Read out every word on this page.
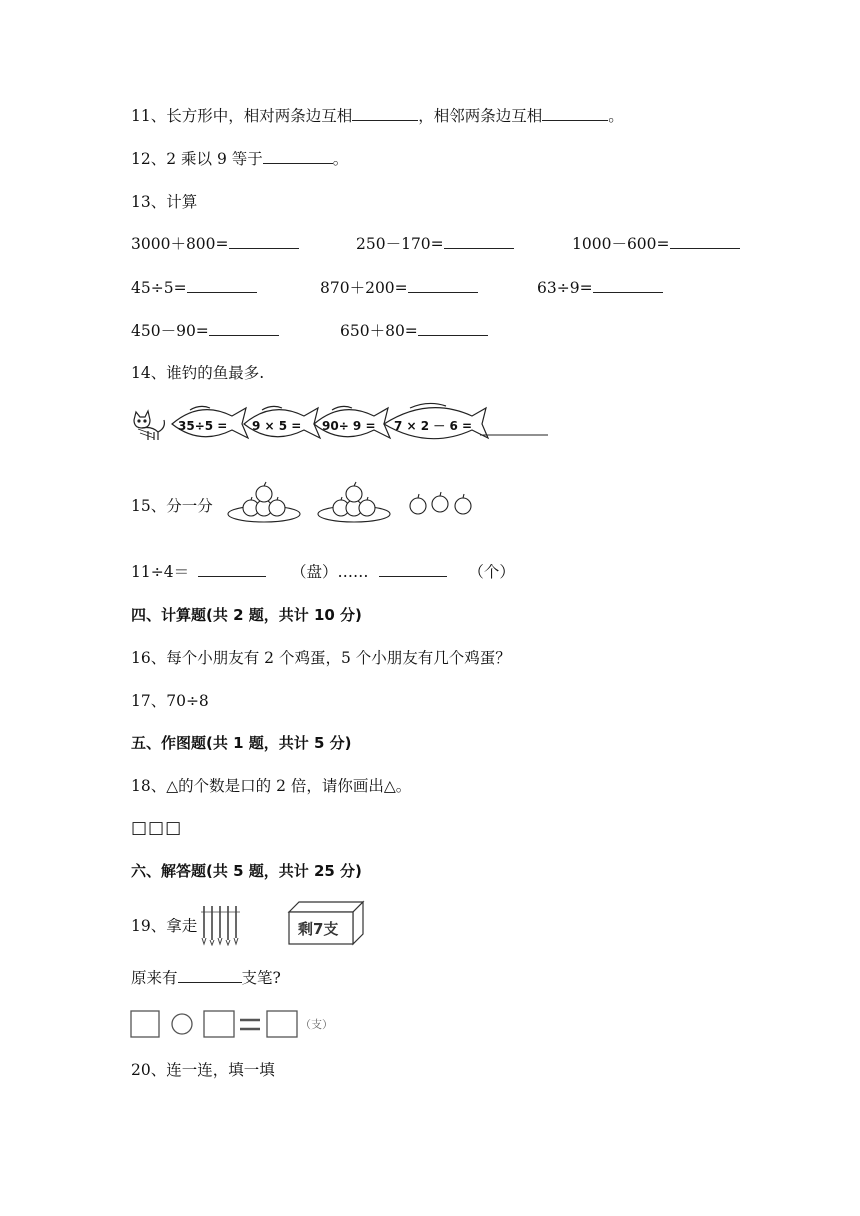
11、长方形中，相对两条边互相	，相邻两条边互相	。
12、2 乘以 9 等于	。
13、计算
3000＋800=	250－170=	1000－600=
45÷5=	870＋200=	63÷9=
450－90=	650＋80=
14、谁钓的鱼最多.
35÷5 = 9 × 5 = 90÷ 9 = 7 × 2 － 6 =
15、分一分
11÷4＝	（盘）……	（个）
四、计算题(共 2 题，共计 10 分)
16、每个小朋友有 2 个鸡蛋，5 个小朋友有几个鸡蛋？
17、70÷8
五、作图题(共 1 题，共计 5 分)
18、△的个数是口的 2 倍，请你画出△。
□□□
六、解答题(共 5 题，共计 25 分)
19、拿走	剩7支
原来有	支笔?
（支）
20、连一连，填一填
